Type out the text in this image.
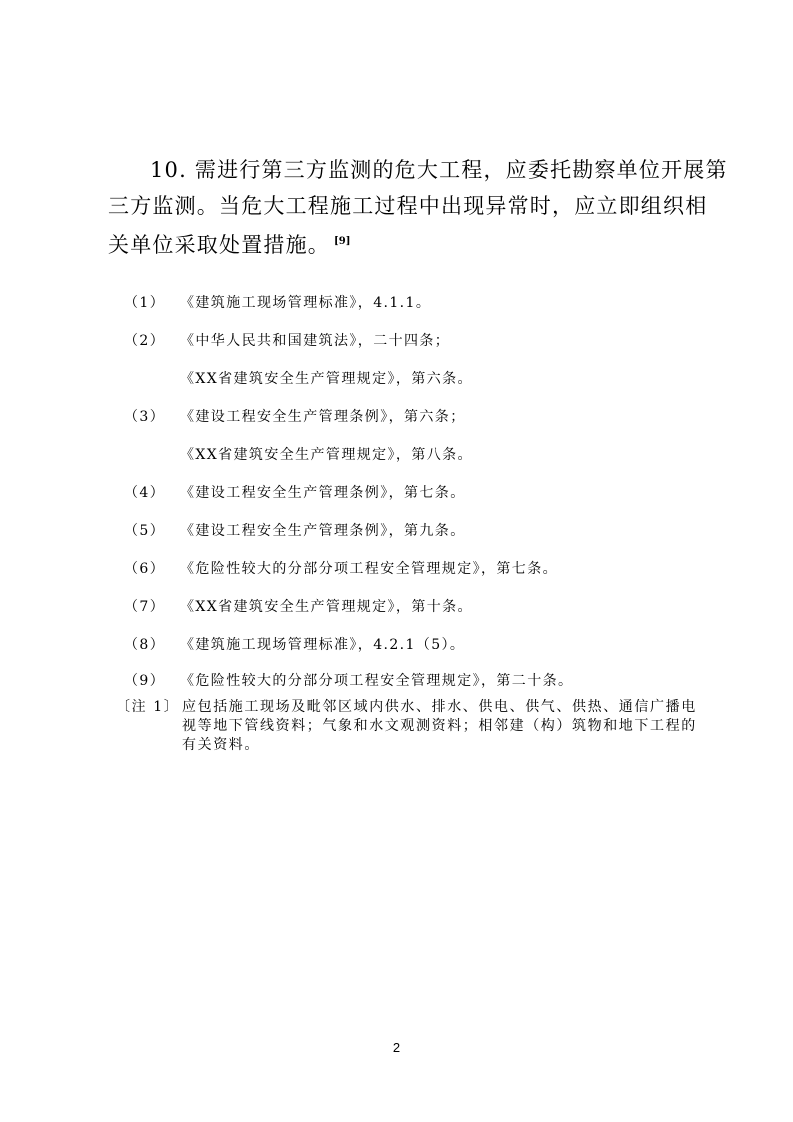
10. 需进行第三方监测的危大工程，应委托勘察单位开展第三方监测。当危大工程施工过程中出现异常时，应立即组织相关单位采取处置措施。 [9]
（1） 《建筑施工现场管理标准》，4.1.1。
（2） 《中华人民共和国建筑法》，二十四条；
《XX省建筑安全生产管理规定》，第六条。
（3） 《建设工程安全生产管理条例》，第六条；
《XX省建筑安全生产管理规定》，第八条。
（4） 《建设工程安全生产管理条例》，第七条。
（5） 《建设工程安全生产管理条例》，第九条。
（6） 《危险性较大的分部分项工程安全管理规定》，第七条。
（7） 《XX省建筑安全生产管理规定》，第十条。
（8） 《建筑施工现场管理标准》，4.2.1（5）。
（9） 《危险性较大的分部分项工程安全管理规定》，第二十条。
〔注 1〕 应包括施工现场及毗邻区域内供水、排水、供电、供气、供热、通信广播电视等地下管线资料；气象和水文观测资料；相邻建（构）筑物和地下工程的有关资料。
2
